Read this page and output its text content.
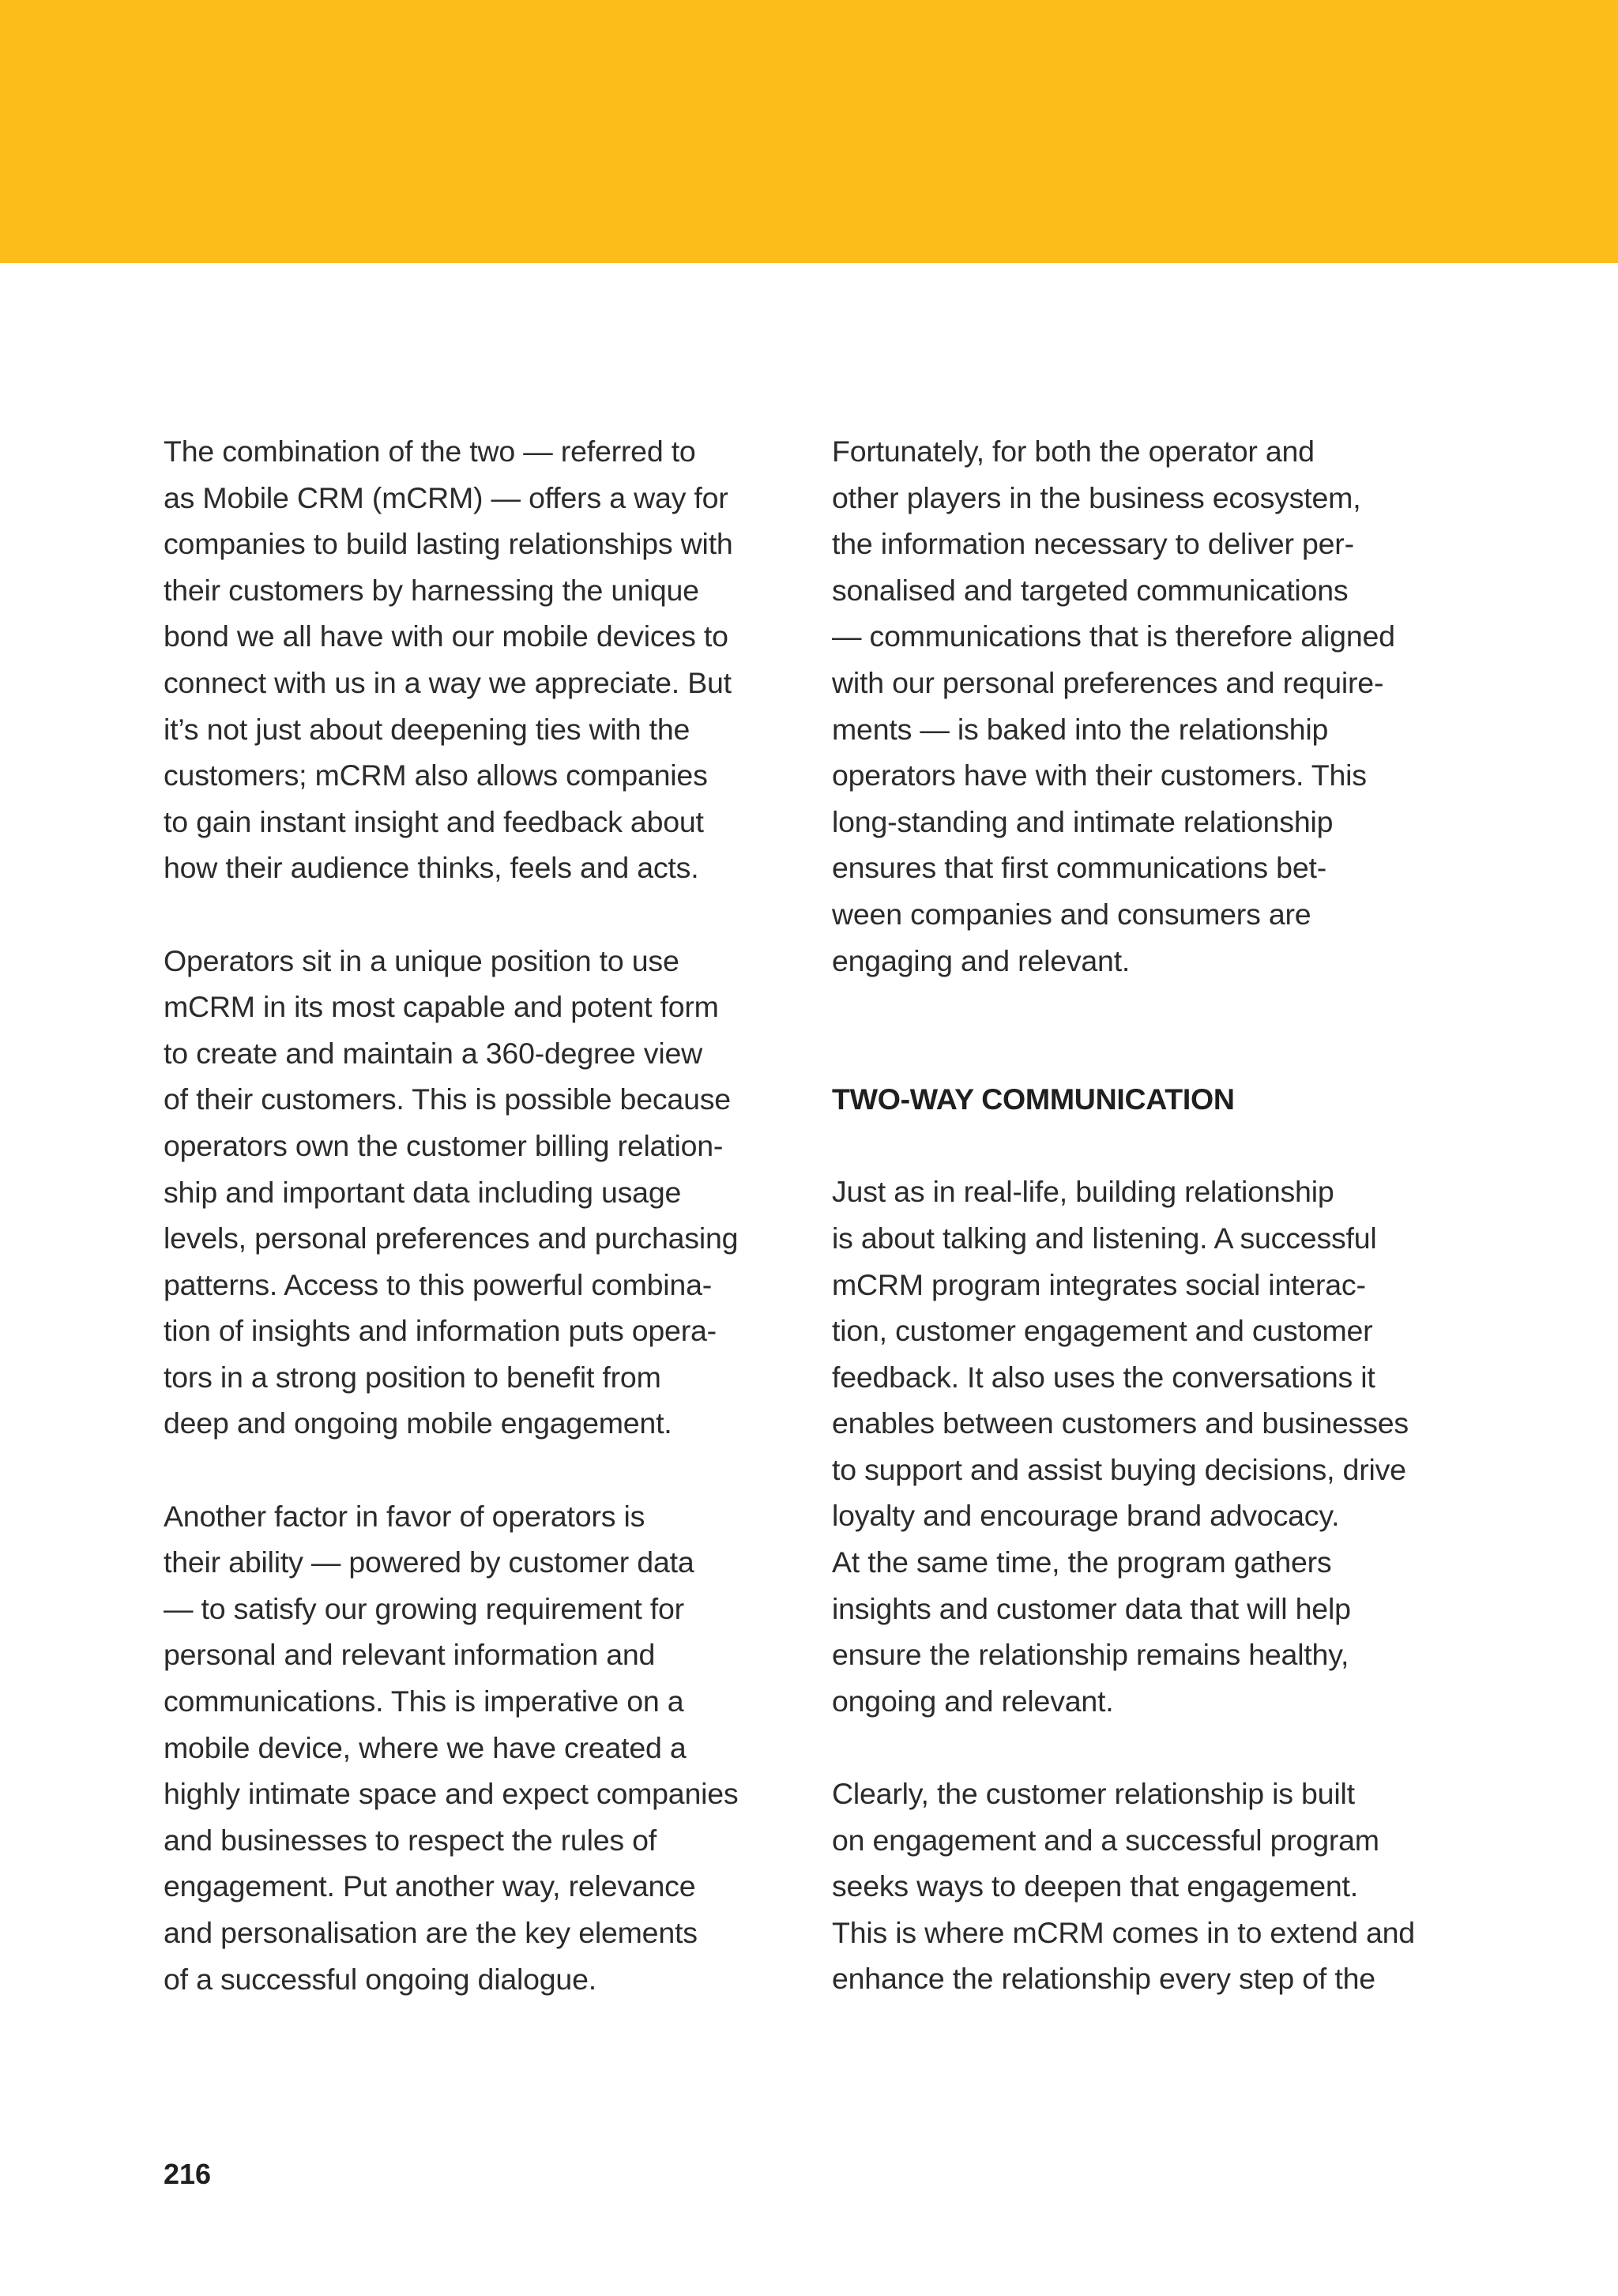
The combination of the two — referred to
as Mobile CRM (mCRM) — offers a way for
companies to build lasting relationships with
their customers by harnessing the unique
bond we all have with our mobile devices to
connect with us in a way we appreciate. But
it’s not just about deepening ties with the
customers; mCRM also allows companies
to gain instant insight and feedback about
how their audience thinks, feels and acts.
Operators sit in a unique position to use
mCRM in its most capable and potent form
to create and maintain a 360-degree view
of their customers. This is possible because
operators own the customer billing relation-
ship and important data including usage
levels, personal preferences and purchasing
patterns. Access to this powerful combina-
tion of insights and information puts opera-
tors in a strong position to benefit from
deep and ongoing mobile engagement.
Another factor in favor of operators is
their ability — powered by customer data
— to satisfy our growing requirement for
personal and relevant information and
communications. This is imperative on a
mobile device, where we have created a
highly intimate space and expect companies
and businesses to respect the rules of
engagement. Put another way, relevance
and personalisation are the key elements
of a successful ongoing dialogue.
Fortunately, for both the operator and
other players in the business ecosystem,
the information necessary to deliver per-
sonalised and targeted communications
— communications that is therefore aligned
with our personal preferences and require-
ments — is baked into the relationship
operators have with their customers. This
long-standing and intimate relationship
ensures that first communications bet-
ween companies and consumers are
engaging and relevant.
TWO-WAY COMMUNICATION
Just as in real-life, building relationship
is about talking and listening. A successful
mCRM program integrates social interac-
tion, customer engagement and customer
feedback. It also uses the conversations it
enables between customers and businesses
to support and assist buying decisions, drive
loyalty and encourage brand advocacy.
At the same time, the program gathers
insights and customer data that will help
ensure the relationship remains healthy,
ongoing and relevant.
Clearly, the customer relationship is built
on engagement and a successful program
seeks ways to deepen that engagement.
This is where mCRM comes in to extend and
enhance the relationship every step of the
216
